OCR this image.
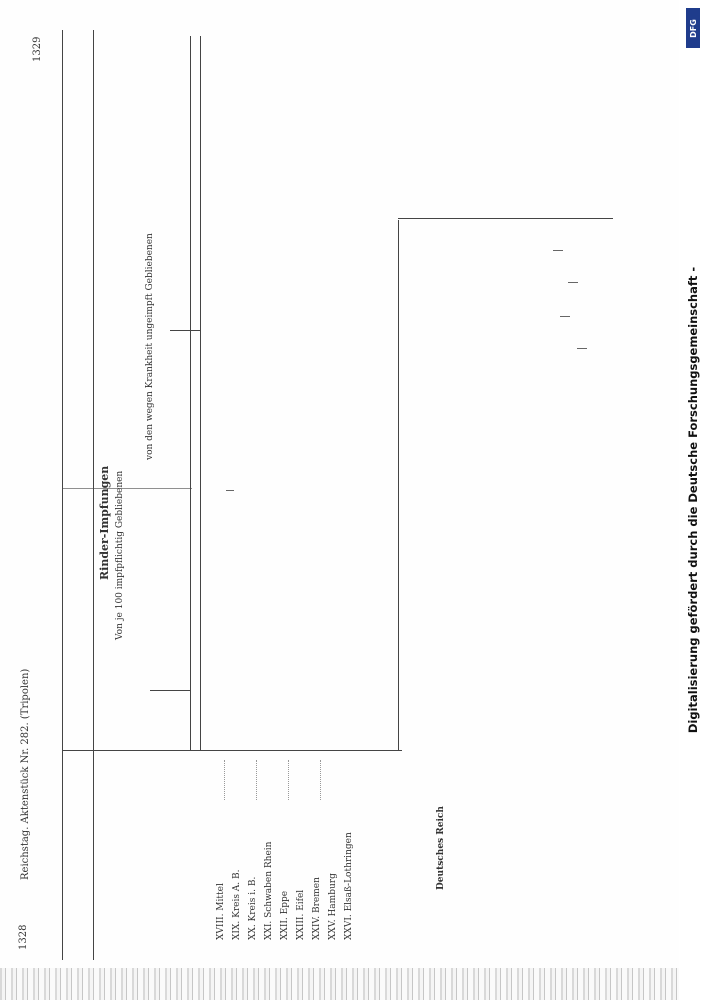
1328
Reichstag. Aktenstück Nr. 282. (Tripolen)
1329
Rinder-Impfungen Von je 100 impfpflichtig Gebliebenen
von den wegen Krankheit ungeimpft Gebliebenen
XVIII. Mittel XIX. Kreis A. B. XX. Kreis i. B. XXI. Schwaben Rhein XXII. Eppe XXIII. Eifel XXIV. Bremen XXV. Hamburg XXVI. Elsaß-Lothringen	Deutsches Reich
DFG
Digitalisierung gefördert durch die Deutsche Forschungsgemeinschaft -
